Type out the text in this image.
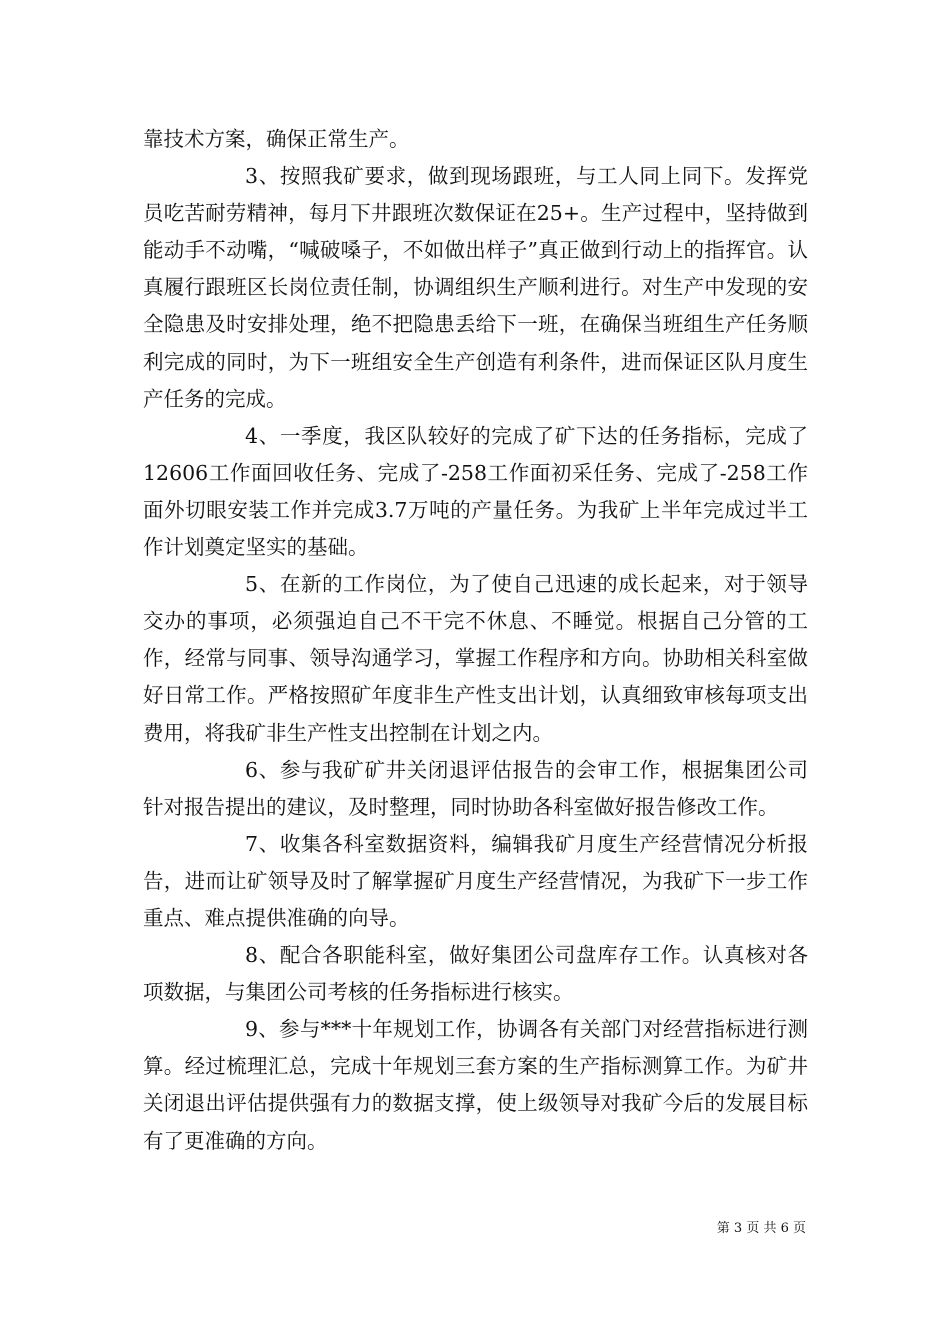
靠技术方案，确保正常生产。

3、按照我矿要求，做到现场跟班，与工人同上同下。发挥党员吃苦耐劳精神，每月下井跟班次数保证在25+。生产过程中，坚持做到能动手不动嘴，“喊破嗓子，不如做出样子”真正做到行动上的指挥官。认真履行跟班区长岗位责任制，协调组织生产顺利进行。对生产中发现的安全隐患及时安排处理，绝不把隐患丢给下一班，在确保当班组生产任务顺利完成的同时，为下一班组安全生产创造有利条件，进而保证区队月度生产任务的完成。

4、一季度，我区队较好的完成了矿下达的任务指标，完成了12606工作面回收任务、完成了-258工作面初采任务、完成了-258工作面外切眼安装工作并完成3.7万吨的产量任务。为我矿上半年完成过半工作计划奠定坚实的基础。

5、在新的工作岗位，为了使自己迅速的成长起来，对于领导交办的事项，必须强迫自己不干完不休息、不睡觉。根据自己分管的工作，经常与同事、领导沟通学习，掌握工作程序和方向。协助相关科室做好日常工作。严格按照矿年度非生产性支出计划，认真细致审核每项支出费用，将我矿非生产性支出控制在计划之内。

6、参与我矿矿井关闭退评估报告的会审工作，根据集团公司针对报告提出的建议，及时整理，同时协助各科室做好报告修改工作。

7、收集各科室数据资料，编辑我矿月度生产经营情况分析报告，进而让矿领导及时了解掌握矿月度生产经营情况，为我矿下一步工作重点、难点提供准确的向导。

8、配合各职能科室，做好集团公司盘库存工作。认真核对各项数据，与集团公司考核的任务指标进行核实。

9、参与***十年规划工作，协调各有关部门对经营指标进行测算。经过梳理汇总，完成十年规划三套方案的生产指标测算工作。为矿井关闭退出评估提供强有力的数据支撑，使上级领导对我矿今后的发展目标有了更准确的方向。

第 3 页 共 6 页
